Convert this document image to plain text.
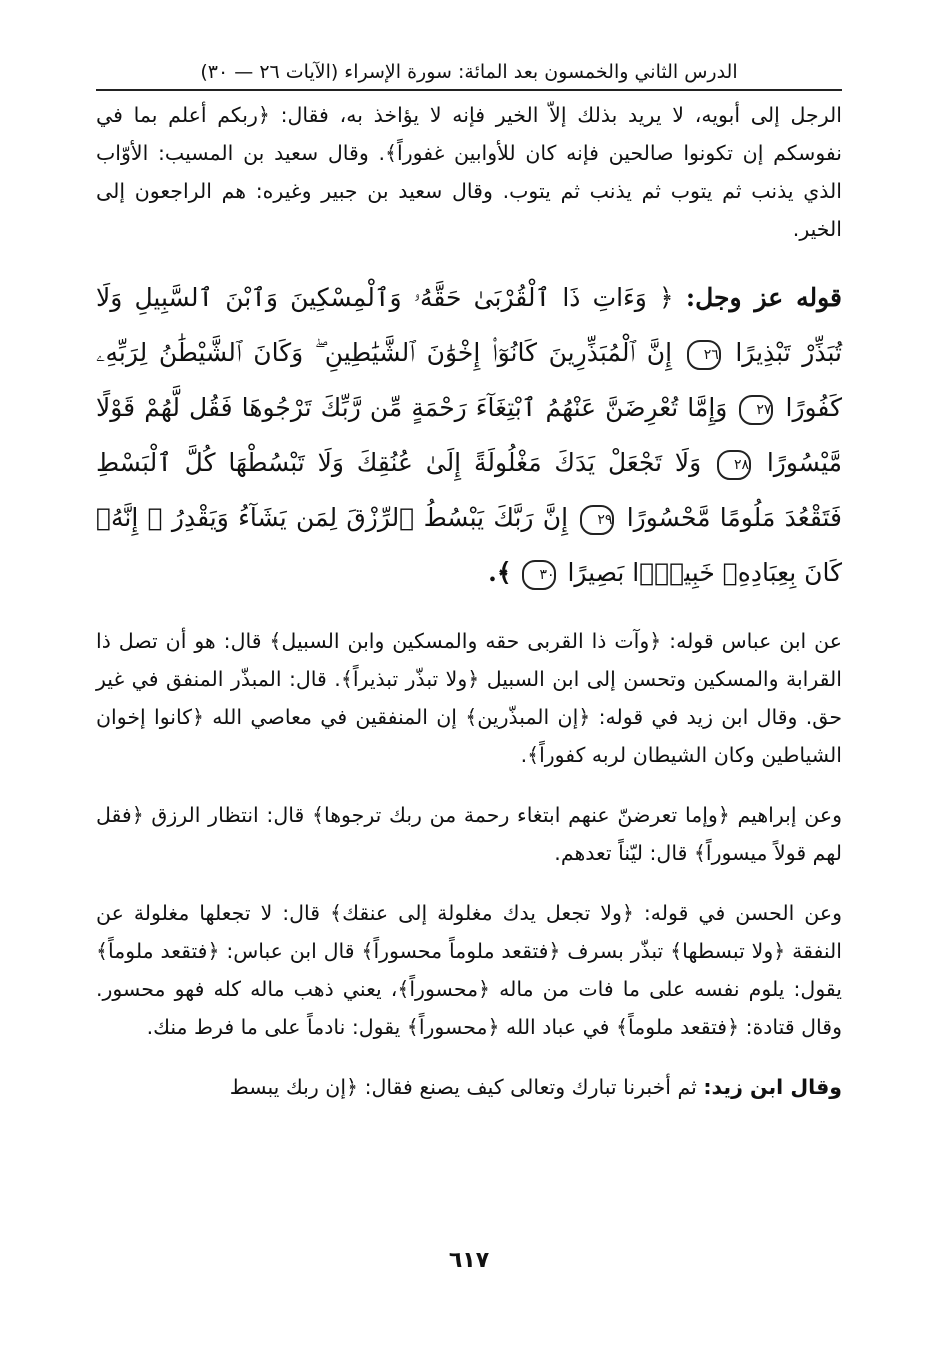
الدرس الثاني والخمسون بعد المائة: سورة الإسراء (الآيات ٢٦ — ٣٠)

الرجل إلى أبويه، لا يريد بذلك إلاّ الخير فإنه لا يؤاخذ به، فقال: ﴿ربكم أعلم بما في نفوسكم إن تكونوا صالحين فإنه كان للأوابين غفوراً﴾. وقال سعيد بن المسيب: الأوّاب الذي يذنب ثم يتوب ثم يذنب ثم يتوب. وقال سعيد بن جبير وغيره: هم الراجعون إلى الخير.

قوله عز وجل: ﴿ وَءَاتِ ذَا ٱلْقُرْبَىٰ حَقَّهُۥ وَٱلْمِسْكِينَ وَٱبْنَ ٱلسَّبِيلِ وَلَا تُبَذِّرْ تَبْذِيرًا ٢٦ إِنَّ ٱلْمُبَذِّرِينَ كَانُوٓا۟ إِخْوَٰنَ ٱلشَّيَٰطِينِ ۖ وَكَانَ ٱلشَّيْطَٰنُ لِرَبِّهِۦ كَفُورًا ٢٧ وَإِمَّا تُعْرِضَنَّ عَنْهُمُ ٱبْتِغَآءَ رَحْمَةٍ مِّن رَّبِّكَ تَرْجُوهَا فَقُل لَّهُمْ قَوْلًا مَّيْسُورًا ٢٨ وَلَا تَجْعَلْ يَدَكَ مَغْلُولَةً إِلَىٰ عُنُقِكَ وَلَا تَبْسُطْهَا كُلَّ ٱلْبَسْطِ فَتَقْعُدَ مَلُومًا مَّحْسُورًا ٢٩ إِنَّ رَبَّكَ يَبْسُطُ ٱلرِّزْقَ لِمَن يَشَآءُ وَيَقْدِرُ ۚ إِنَّهُۥ كَانَ بِعِبَادِهِۦ خَبِيرًۢا بَصِيرًا ٣٠ ﴾.

عن ابن عباس قوله: ﴿وآت ذا القربى حقه والمسكين وابن السبيل﴾ قال: هو أن تصل ذا القرابة والمسكين وتحسن إلى ابن السبيل ﴿ولا تبذّر تبذيراً﴾. قال: المبذّر المنفق في غير حق. وقال ابن زيد في قوله: ﴿إن المبذّرين﴾ إن المنفقين في معاصي الله ﴿كانوا إخوان الشياطين وكان الشيطان لربه كفوراً﴾.

وعن إبراهيم ﴿وإما تعرضنّ عنهم ابتغاء رحمة من ربك ترجوها﴾ قال: انتظار الرزق ﴿فقل لهم قولاً ميسوراً﴾ قال: ليّناً تعدهم.

وعن الحسن في قوله: ﴿ولا تجعل يدك مغلولة إلى عنقك﴾ قال: لا تجعلها مغلولة عن النفقة ﴿ولا تبسطها﴾ تبذّر بسرف ﴿فتقعد ملوماً محسوراً﴾ قال ابن عباس: ﴿فتقعد ملوماً﴾ يقول: يلوم نفسه على ما فات من ماله ﴿محسوراً﴾، يعني ذهب ماله كله فهو محسور. وقال قتادة: ﴿فتقعد ملوماً﴾ في عباد الله ﴿محسوراً﴾ يقول: نادماً على ما فرط منك.

وقال ابن زيد: ثم أخبرنا تبارك وتعالى كيف يصنع فقال: ﴿إن ربك يبسط

٦١٧
